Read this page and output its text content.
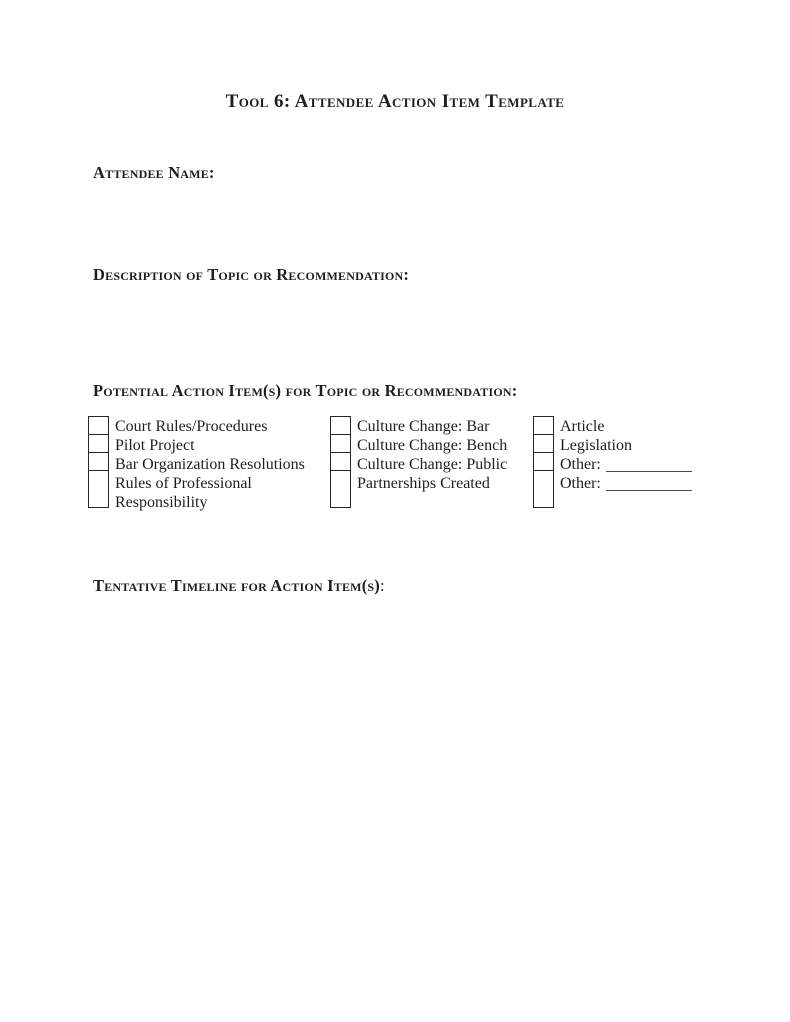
Tool 6: Attendee Action Item Template
Attendee Name:
Description of Topic or Recommendation:
Potential Action Item(s) for Topic or Recommendation:
Court Rules/Procedures
Pilot Project
Bar Organization Resolutions
Rules of Professional Responsibility
Culture Change: Bar
Culture Change: Bench
Culture Change: Public
Partnerships Created
Article
Legislation
Other:
Other:
Tentative Timeline for Action Item(s):
